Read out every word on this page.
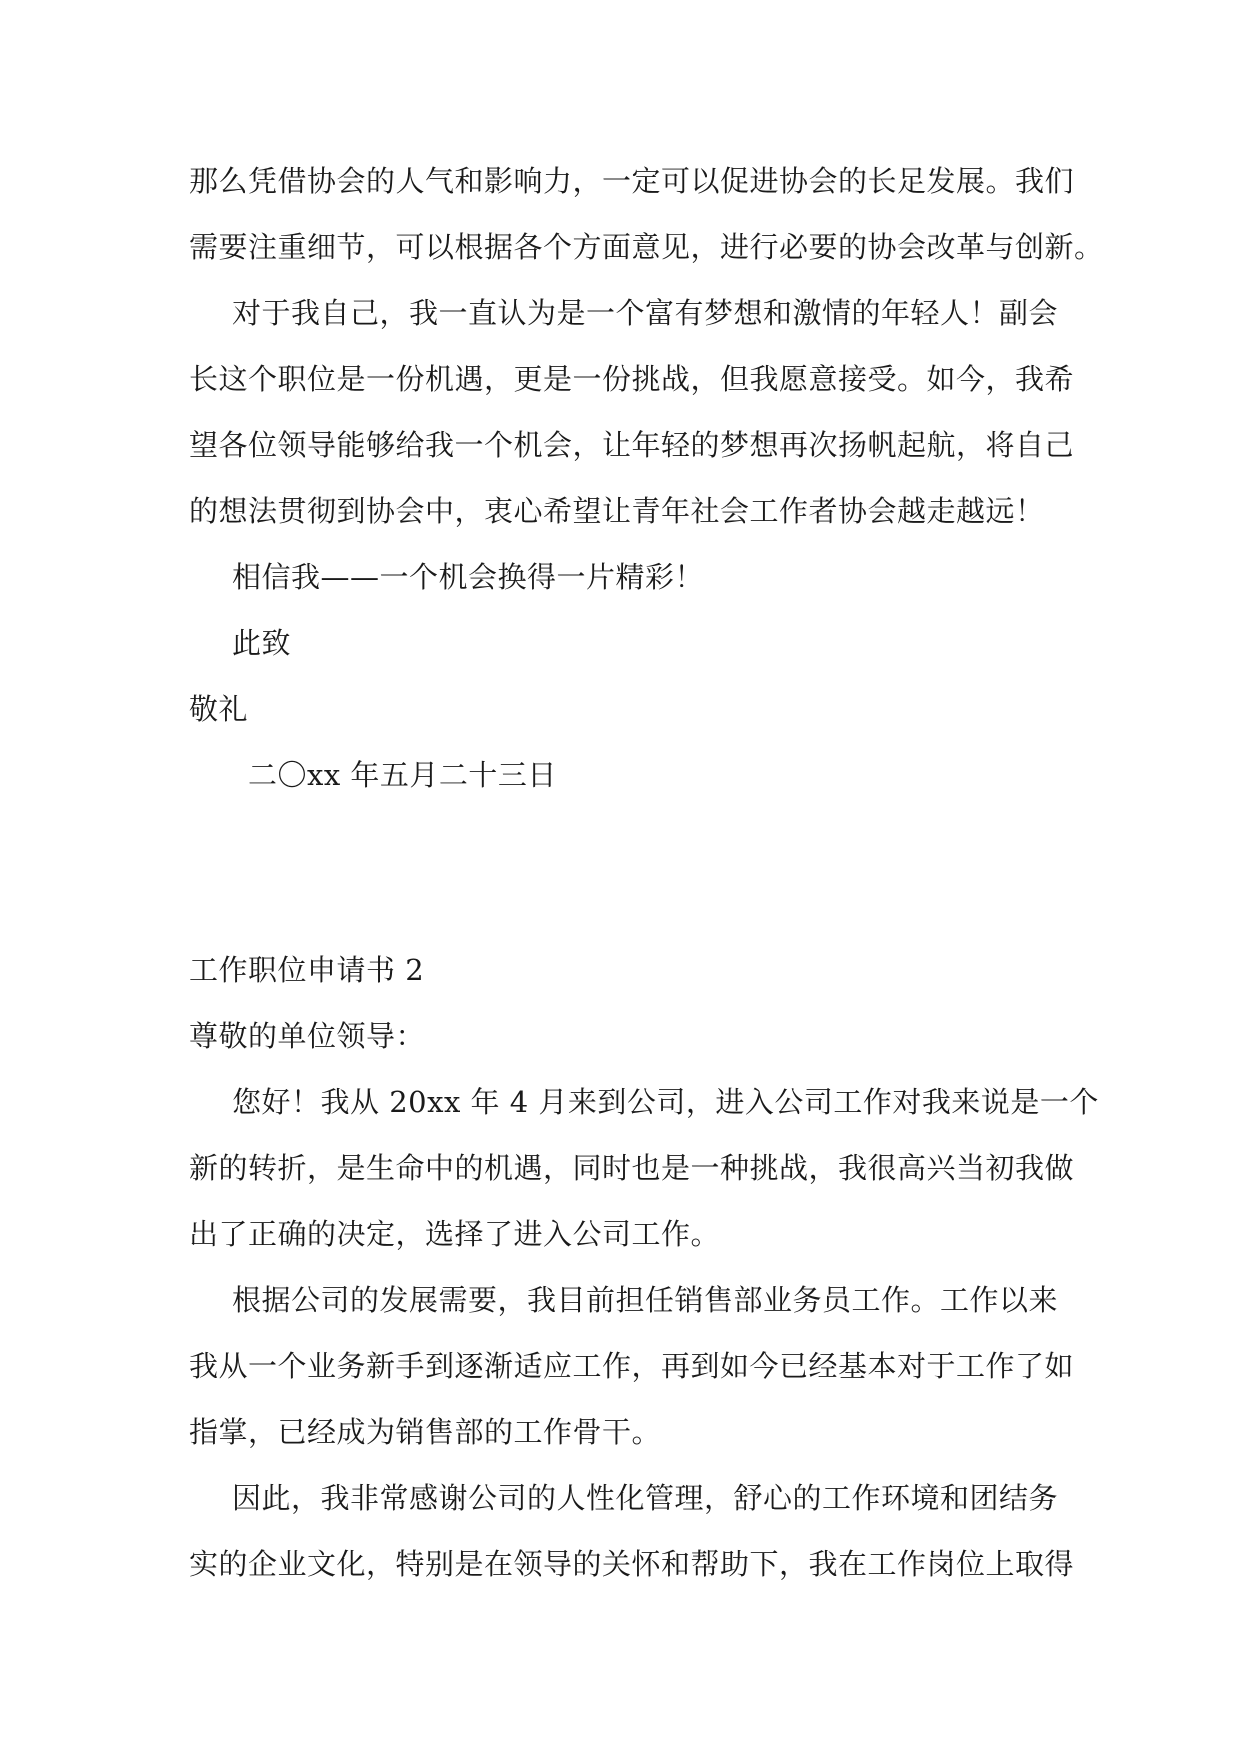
那么凭借协会的人气和影响力，一定可以促进协会的长足发展。我们
需要注重细节，可以根据各个方面意见，进行必要的协会改革与创新。
对于我自己，我一直认为是一个富有梦想和激情的年轻人！副会
长这个职位是一份机遇，更是一份挑战，但我愿意接受。如今，我希
望各位领导能够给我一个机会，让年轻的梦想再次扬帆起航，将自己
的想法贯彻到协会中，衷心希望让青年社会工作者协会越走越远！
相信我——一个机会换得一片精彩！
此致
敬礼
二〇xx 年五月二十三日
工作职位申请书 2
尊敬的单位领导：
您好！我从 20xx 年 4 月来到公司，进入公司工作对我来说是一个
新的转折，是生命中的机遇，同时也是一种挑战，我很高兴当初我做
出了正确的决定，选择了进入公司工作。
根据公司的发展需要，我目前担任销售部业务员工作。工作以来
我从一个业务新手到逐渐适应工作，再到如今已经基本对于工作了如
指掌，已经成为销售部的工作骨干。
因此，我非常感谢公司的人性化管理，舒心的工作环境和团结务
实的企业文化，特别是在领导的关怀和帮助下，我在工作岗位上取得
